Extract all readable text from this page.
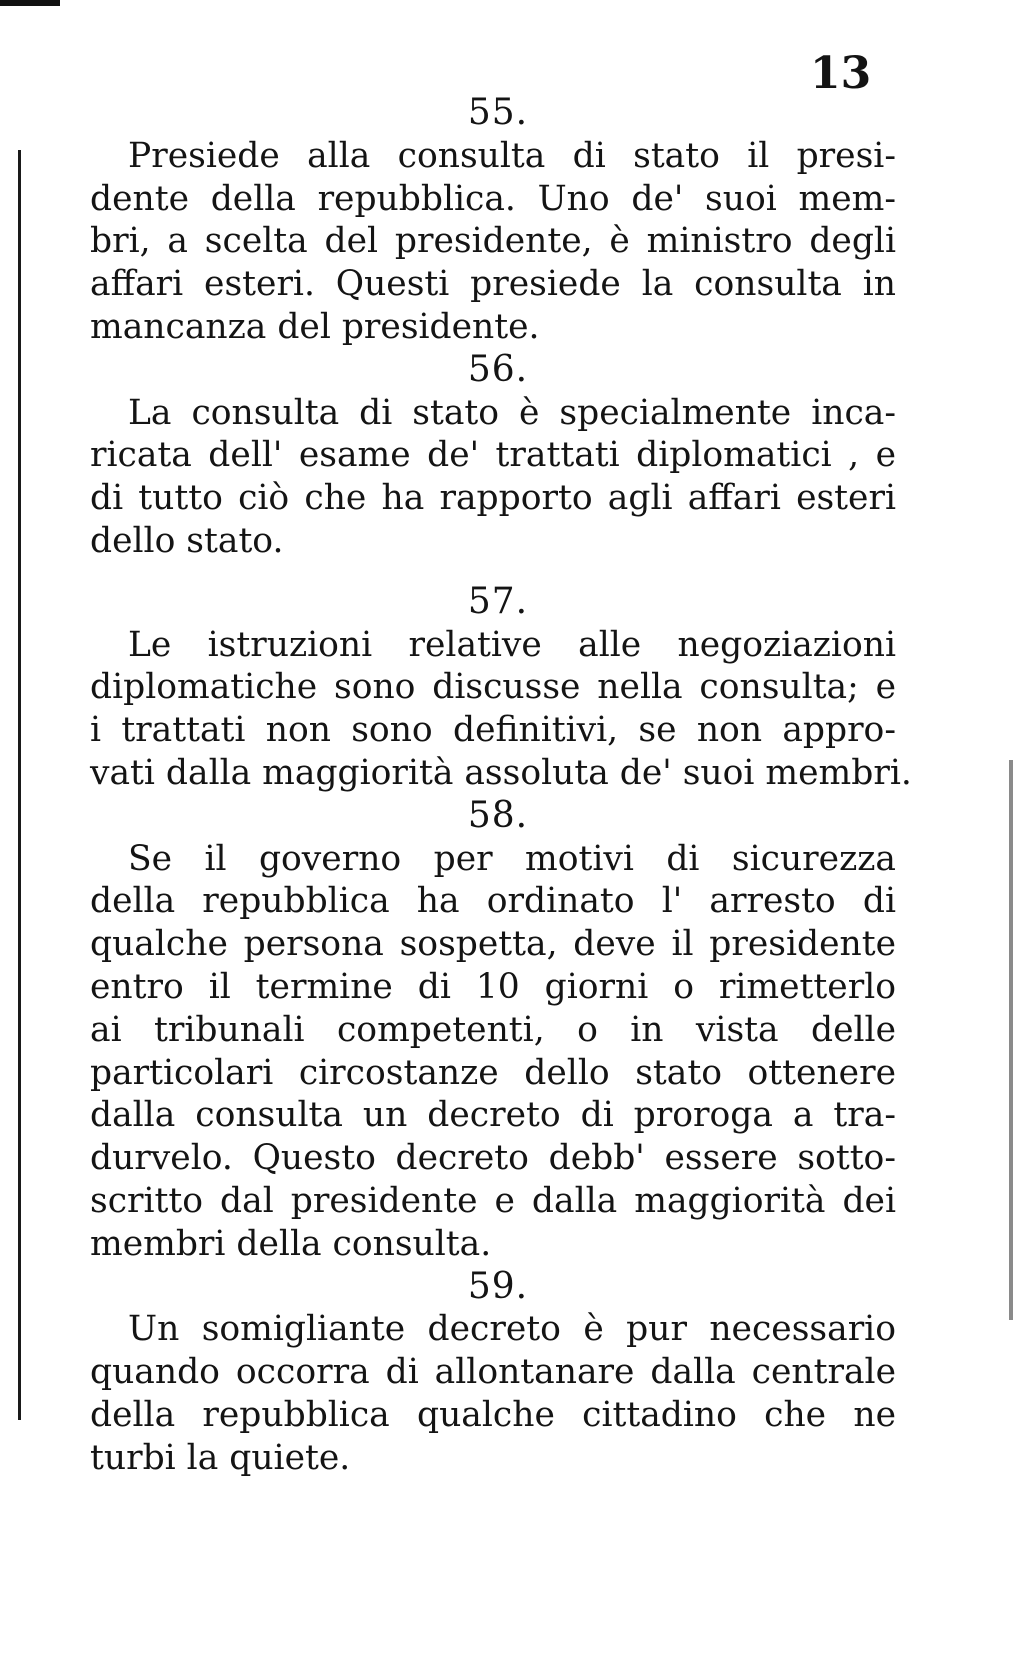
13
55.
Presiede alla consulta di stato il presi-
dente della repubblica. Uno de' suoi mem-
bri, a scelta del presidente, è ministro degli
affari esteri. Questi presiede la consulta in
mancanza del presidente.
56.
La consulta di stato è specialmente inca-
ricata dell' esame de' trattati diplomatici , e
di tutto ciò che ha rapporto agli affari esteri
dello stato.
57.
Le istruzioni relative alle negoziazioni
diplomatiche sono discusse nella consulta; e
i trattati non sono definitivi, se non appro-
vati dalla maggiorità assoluta de' suoi membri.
58.
Se il governo per motivi di sicurezza
della repubblica ha ordinato l' arresto di
qualche persona sospetta, deve il presidente
entro il termine di 10 giorni o rimetterlo
ai tribunali competenti, o in vista delle
particolari circostanze dello stato ottenere
dalla consulta un decreto di proroga a tra-
durvelo. Questo decreto debb' essere sotto-
scritto dal presidente e dalla maggiorità dei
membri della consulta.
59.
Un somigliante decreto è pur necessario
quando occorra di allontanare dalla centrale
della repubblica qualche cittadino che ne
turbi la quiete.
